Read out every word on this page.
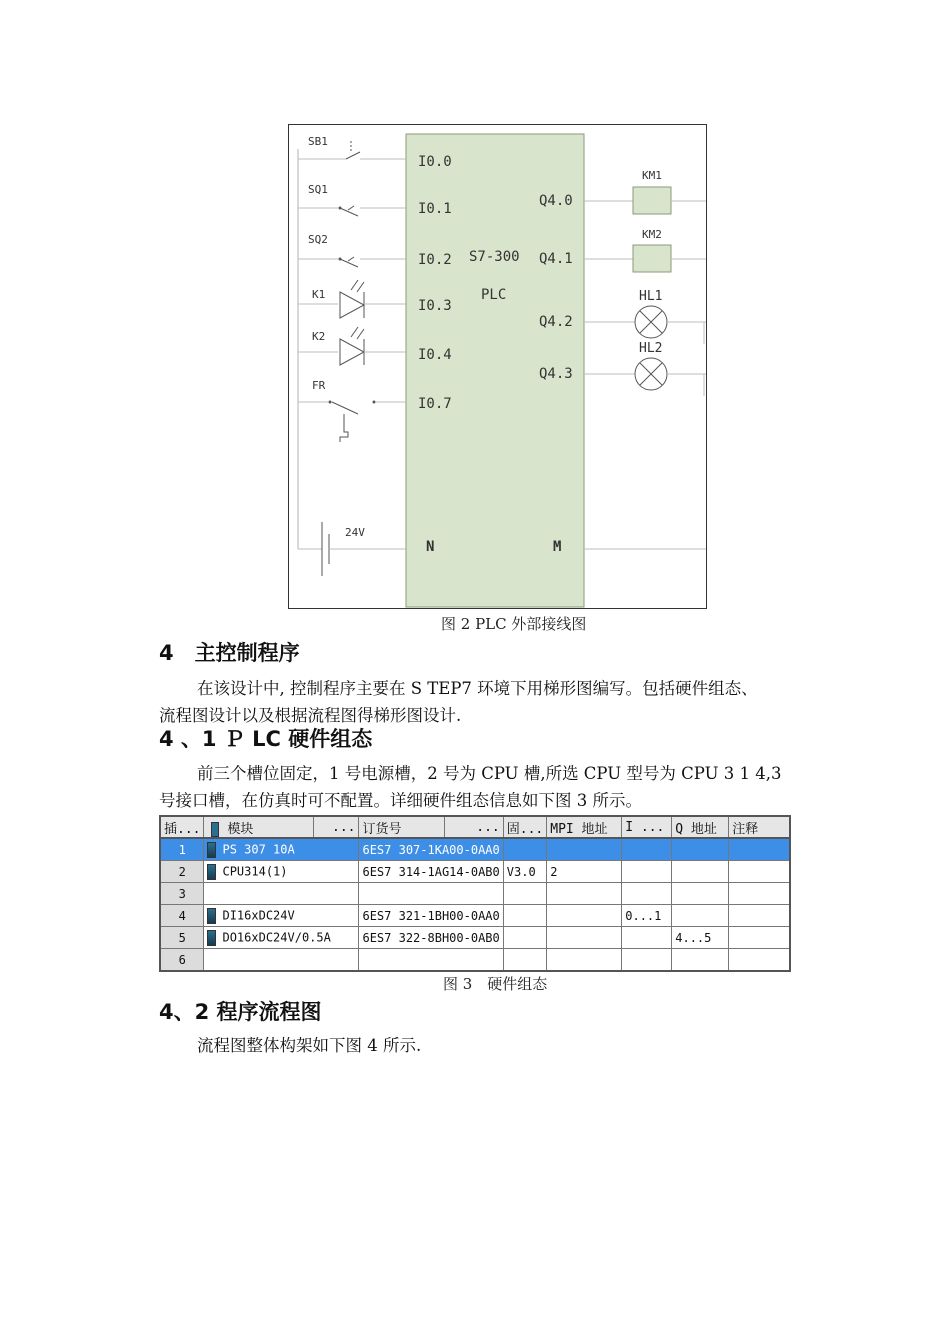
SB1
SQ1
SQ2
K1
K2
FR
I0.0
I0.1
I0.2
I0.3
I0.4
I0.7
S7-300
PLC
Q4.0
Q4.1
Q4.2
Q4.3
KM1
KM2
HL1
HL2
24V
N	M
图 2 PLC 外部接线图
4　主控制程序
在该设计中, 控制程序主要在 S TEP7 环境下用梯形图编写。包括硬件组态、
流程图设计以及根据流程图得梯形图设计.
4 、1 Ｐ LC 硬件组态
前三个槽位固定，1 号电源槽，2 号为 CPU 槽,所选 CPU 型号为 CPU 3 1 4,3
号接口槽，在仿真时可不配置。详细硬件组态信息如下图 3 所示。
插...	模块	...	订货号	...	固...	MPI 地址	I ...	Q 地址	注释
1	PS 307 10A		6ES7 307-1KA00-0AA0						
2	CPU314(1)		6ES7 314-1AG14-0AB0		V3.0	2			
3									
4	DI16xDC24V		6ES7 321-1BH00-0AA0				0...1		
5	DO16xDC24V/0.5A		6ES7 322-8BH00-0AB0					4...5	
6									
图 3　硬件组态
4、2 程序流程图
流程图整体构架如下图 4 所示.
